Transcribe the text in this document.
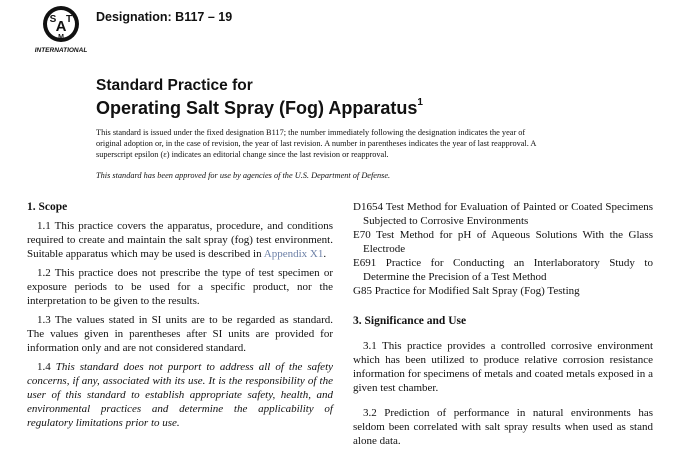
A
S T
M
INTERNATIONAL
Designation: B117 – 19
Standard Practice for
Operating Salt Spray (Fog) Apparatus$^1$
This standard is issued under the fixed designation B117; the number immediately following the designation indicates the year of
original adoption or, in the case of revision, the year of last revision. A number in parentheses indicates the year of last reapproval. A
superscript epsilon (ε) indicates an editorial change since the last revision or reapproval.
This standard has been approved for use by agencies of the U.S. Department of Defense.

1. Scope

1.1 This practice covers the apparatus, procedure, and conditions required to create and maintain the salt spray (fog) test environment. Suitable apparatus which may be used is described in Appendix X1.

1.2 This practice does not prescribe the type of test specimen or exposure periods to be used for a specific product, nor the interpretation to be given to the results.

1.3 The values stated in SI units are to be regarded as standard. The values given in parentheses after SI units are provided for information only and are not considered standard.

1.4 This standard does not purport to address all of the safety concerns, if any, associated with its use. It is the responsibility of the user of this standard to establish appropriate safety, health, and environmental practices and determine the applicability of regulatory limitations prior to use.

D1654 Test Method for Evaluation of Painted or Coated Specimens Subjected to Corrosive Environments

E70 Test Method for pH of Aqueous Solutions With the Glass Electrode

E691 Practice for Conducting an Interlaboratory Study to Determine the Precision of a Test Method

G85 Practice for Modified Salt Spray (Fog) Testing

3. Significance and Use

3.1 This practice provides a controlled corrosive environment which has been utilized to produce relative corrosion resistance information for specimens of metals and coated metals exposed in a given test chamber.

3.2 Prediction of performance in natural environments has seldom been correlated with salt spray results when used as stand alone data.
